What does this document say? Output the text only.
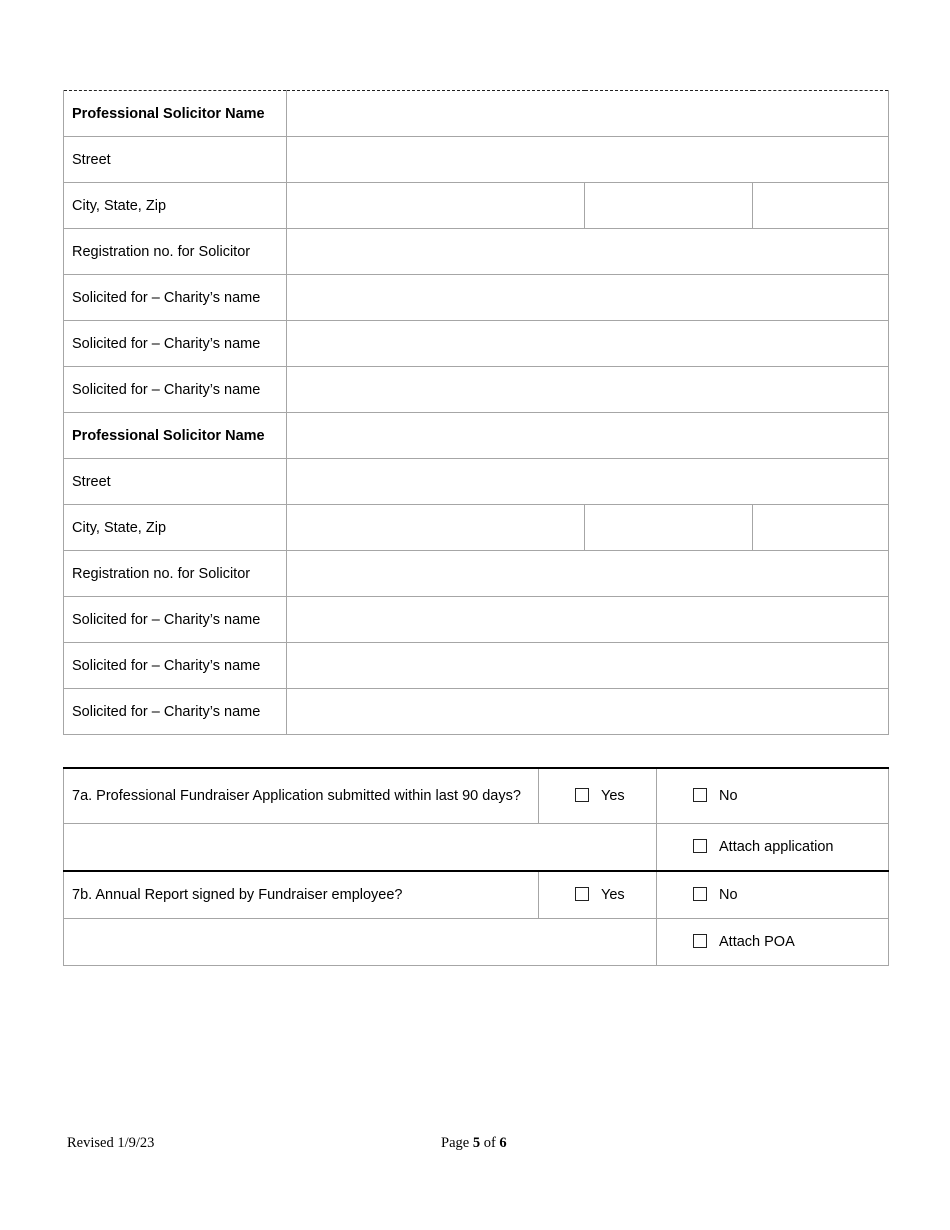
Professional Solicitor Name			
Street			
City, State, Zip			
Registration no. for Solicitor			
Solicited for – Charity’s name			
Solicited for – Charity’s name			
Solicited for – Charity’s name			
Professional Solicitor Name			
Street			
City, State, Zip			
Registration no. for Solicitor			
Solicited for – Charity’s name			
Solicited for – Charity’s name			
Solicited for – Charity’s name			
7a. Professional Fundraiser Application submitted within last 90 days?	Yes	No
		Attach application
7b. Annual Report signed by Fundraiser employee?	Yes	No
		Attach POA
Revised 1/9/23	Page 5 of 6
